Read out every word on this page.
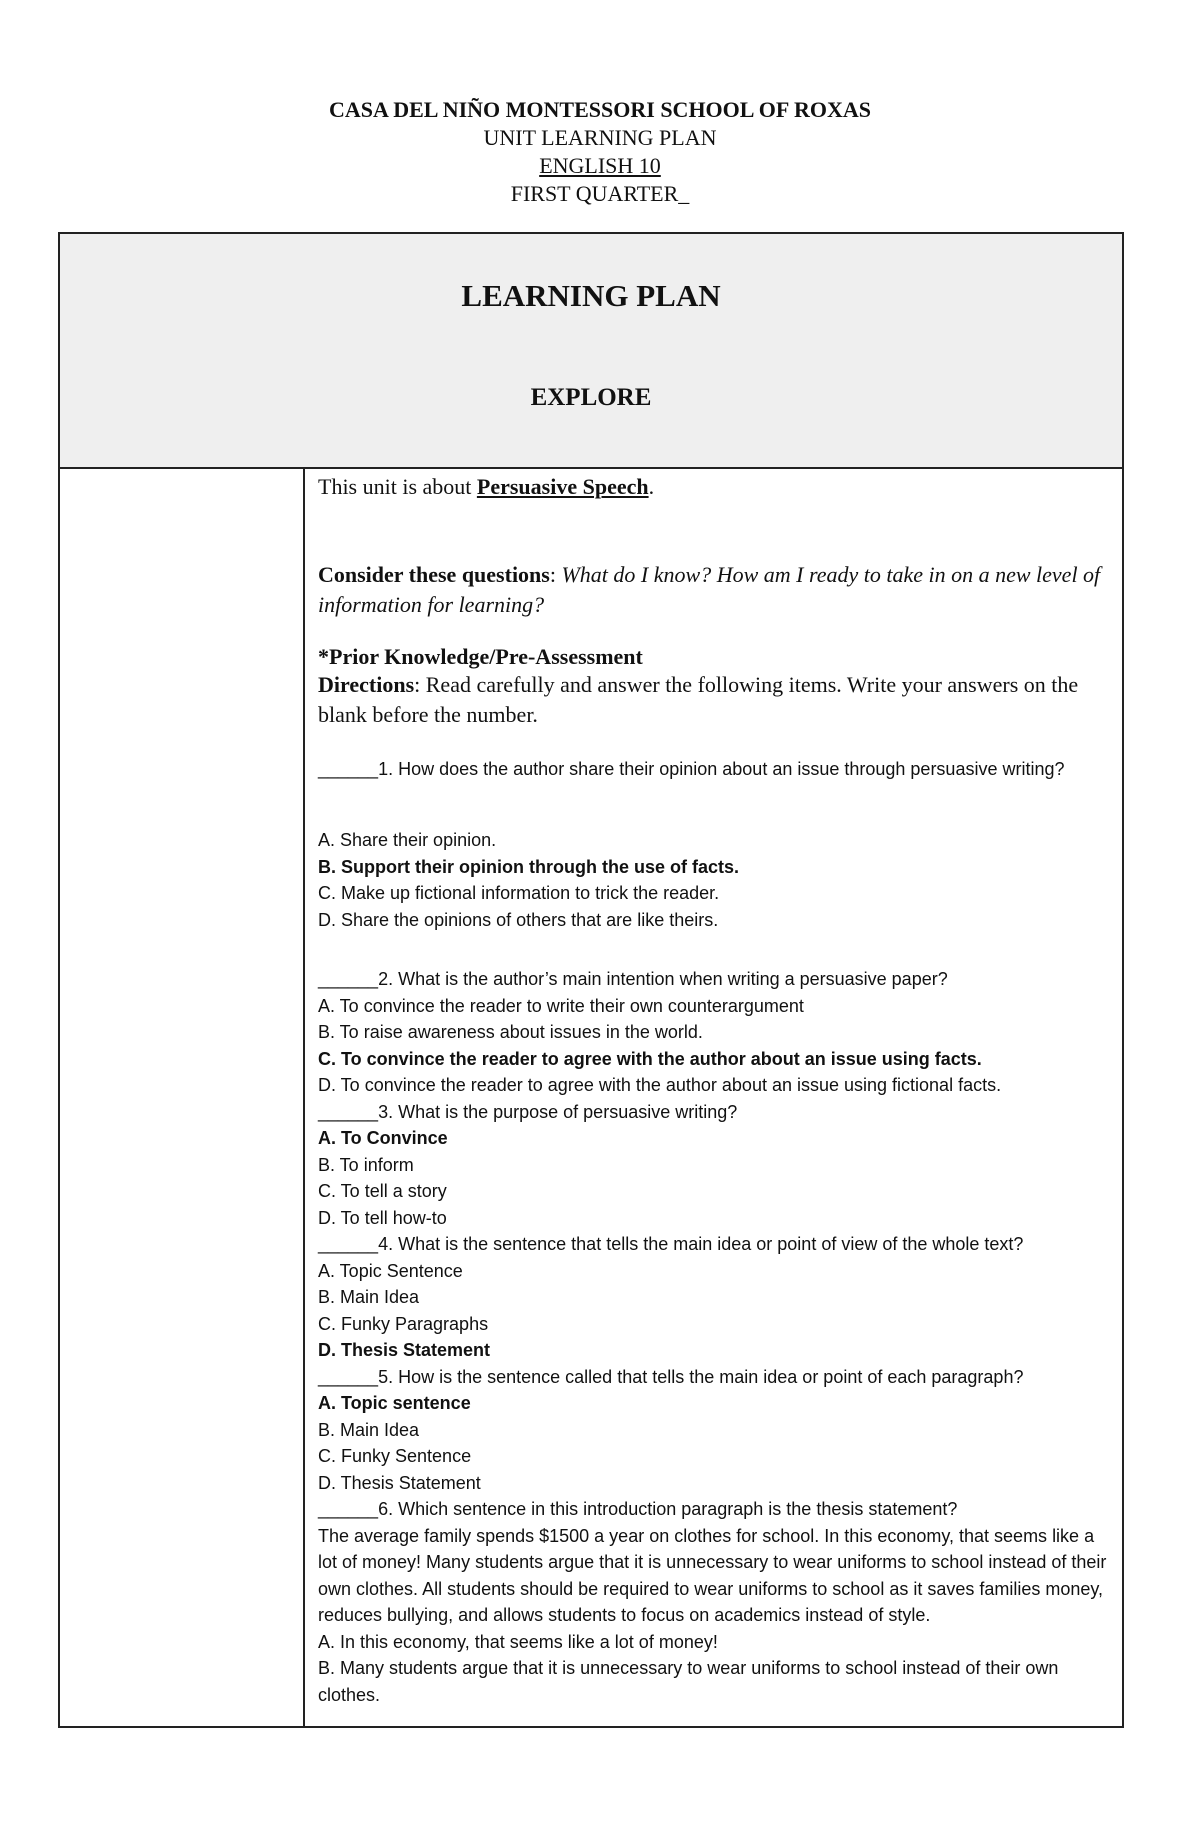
CASA DEL NIÑO MONTESSORI SCHOOL OF ROXAS
UNIT LEARNING PLAN
ENGLISH 10
FIRST QUARTER_
LEARNING PLAN
EXPLORE

This unit is about Persuasive Speech.

Consider these questions: What do I know? How am I ready to take in on a new level of information for learning?

*Prior Knowledge/Pre-Assessment

Directions: Read carefully and answer the following items. Write your answers on the blank before the number.

______1. How does the author share their opinion about an issue through persuasive writing?
A. Share their opinion.
B. Support their opinion through the use of facts.
C. Make up fictional information to trick the reader.
D. Share the opinions of others that are like theirs.
______2. What is the author’s main intention when writing a persuasive paper?
A. To convince the reader to write their own counterargument
B. To raise awareness about issues in the world.
C. To convince the reader to agree with the author about an issue using facts.
D. To convince the reader to agree with the author about an issue using fictional facts.
______3. What is the purpose of persuasive writing?
A. To Convince
B. To inform
C. To tell a story
D. To tell how-to
______4. What is the sentence that tells the main idea or point of view of the whole text?
A. Topic Sentence
B. Main Idea
C. Funky Paragraphs
D. Thesis Statement
______5. How is the sentence called that tells the main idea or point of each paragraph?
A. Topic sentence
B. Main Idea
C. Funky Sentence
D. Thesis Statement
______6. Which sentence in this introduction paragraph is the thesis statement?
The average family spends $1500 a year on clothes for school. In this economy, that seems like a lot of money! Many students argue that it is unnecessary to wear uniforms to school instead of their own clothes. All students should be required to wear uniforms to school as it saves families money, reduces bullying, and allows students to focus on academics instead of style.
A. In this economy, that seems like a lot of money!
B. Many students argue that it is unnecessary to wear uniforms to school instead of their own clothes.
